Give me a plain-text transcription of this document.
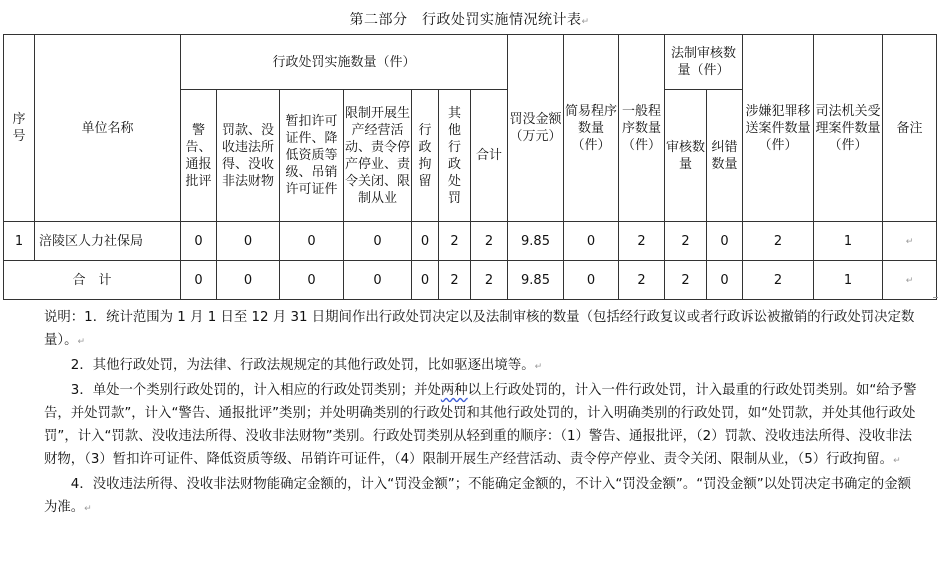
第二部分　行政处罚实施情况统计表↵
序号	单位名称	行政处罚实施数量（件）							罚没金额（万元）	简易程序数量（件）	一般程序数量（件）	法制审核数量（件）		涉嫌犯罪移送案件数量（件）	司法机关受理案件数量（件）	备注
		警告、通报批评	罚款、没收违法所得、没收非法财物	暂扣许可证件、降低资质等级、吊销许可证件	限制开展生产经营活动、责令停产停业、责令关闭、限制从业	行政拘留	其他行政处罚	合计				审核数量	纠错数量			
1	涪陵区人力社保局	0	0	0	0	0	2	2	9.85	0	2	2	0	2	1	↵
合　计		0	0	0	0	0	2	2	9.85	0	2	2	0	2	1	↵

说明：1．统计范围为 1 月 1 日至 12 月 31 日期间作出行政处罚决定以及法制审核的数量（包括经行政复议或者行政诉讼被撤销的行政处罚决定数量）。↵

2．其他行政处罚，为法律、行政法规规定的其他行政处罚，比如驱逐出境等。↵

3．单处一个类别行政处罚的，计入相应的行政处罚类别；并处两种以上行政处罚的，计入一件行政处罚，计入最重的行政处罚类别。如“给予警告，并处罚款”，计入“警告、通报批评”类别；并处明确类别的行政处罚和其他行政处罚的，计入明确类别的行政处罚，如“处罚款，并处其他行政处罚”，计入“罚款、没收违法所得、没收非法财物”类别。行政处罚类别从轻到重的顺序：（1）警告、通报批评，（2）罚款、没收违法所得、没收非法财物，（3）暂扣许可证件、降低资质等级、吊销许可证件，（4）限制开展生产经营活动、责令停产停业、责令关闭、限制从业，（5）行政拘留。↵

4．没收违法所得、没收非法财物能确定金额的，计入“罚没金额”；不能确定金额的，不计入“罚没金额”。“罚没金额”以处罚决定书确定的金额为准。↵
